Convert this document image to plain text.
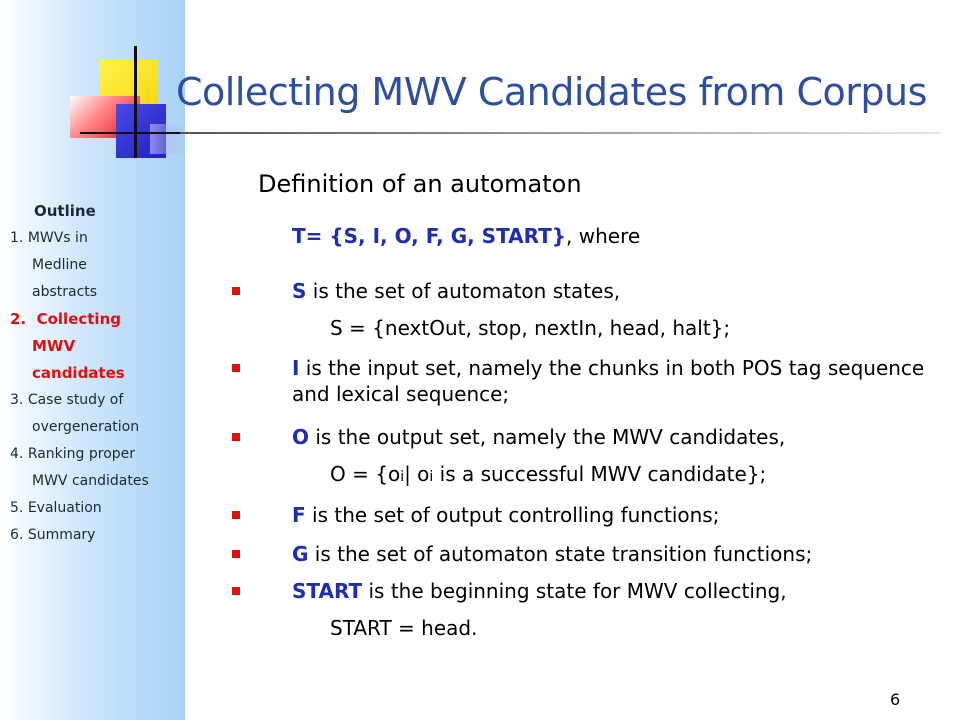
Collecting MWV Candidates from Corpus
Outline
1. MWVs in
Medline
abstracts
2. Collecting
MWV
candidates
3. Case study of
overgeneration
4. Ranking proper
MWV candidates
5. Evaluation
6. Summary
Definition of an automaton
T= {S, I, O, F, G, START}, where
S is the set of automaton states,
S = {nextOut, stop, nextIn, head, halt};
I is the input set, namely the chunks in both POS tag sequence and lexical sequence;
O is the output set, namely the MWV candidates,
O = {oi| oi is a successful MWV candidate};
F is the set of output controlling functions;
G is the set of automaton state transition functions;
START is the beginning state for MWV collecting,
START = head.
6
